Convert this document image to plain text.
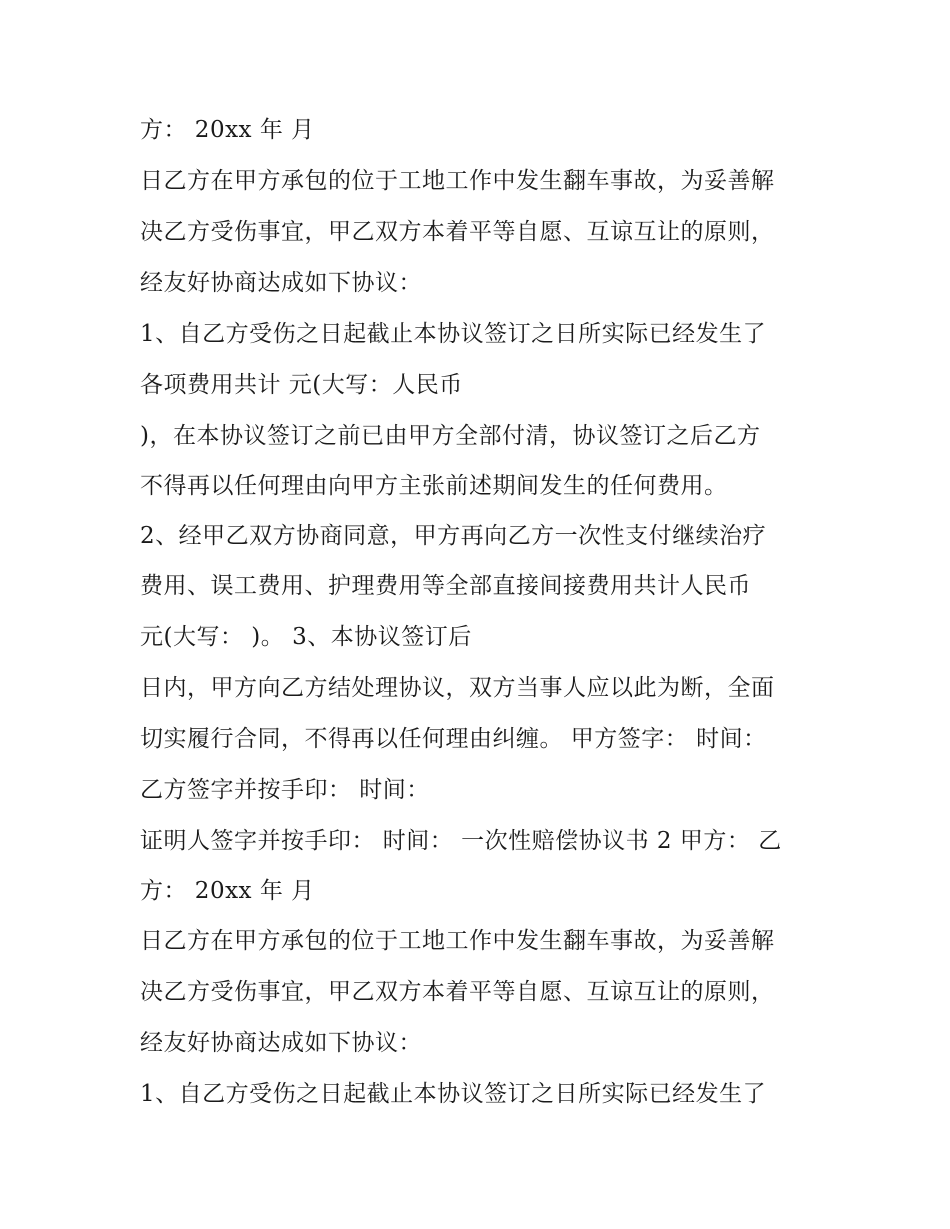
方： 20xx 年 月
日乙方在甲方承包的位于工地工作中发生翻车事故，为妥善解
决乙方受伤事宜，甲乙双方本着平等自愿、互谅互让的原则，
经友好协商达成如下协议：
1、自乙方受伤之日起截止本协议签订之日所实际已经发生了
各项费用共计 元(大写：人民币
)，在本协议签订之前已由甲方全部付清，协议签订之后乙方
不得再以任何理由向甲方主张前述期间发生的任何费用。
2、经甲乙双方协商同意，甲方再向乙方一次性支付继续治疗
费用、误工费用、护理费用等全部直接间接费用共计人民币
元(大写： )。 3、本协议签订后
日内，甲方向乙方结处理协议，双方当事人应以此为断，全面
切实履行合同，不得再以任何理由纠缠。 甲方签字： 时间：
乙方签字并按手印： 时间：
证明人签字并按手印： 时间： 一次性赔偿协议书 2 甲方： 乙
方： 20xx 年 月
日乙方在甲方承包的位于工地工作中发生翻车事故，为妥善解
决乙方受伤事宜，甲乙双方本着平等自愿、互谅互让的原则，
经友好协商达成如下协议：
1、自乙方受伤之日起截止本协议签订之日所实际已经发生了
